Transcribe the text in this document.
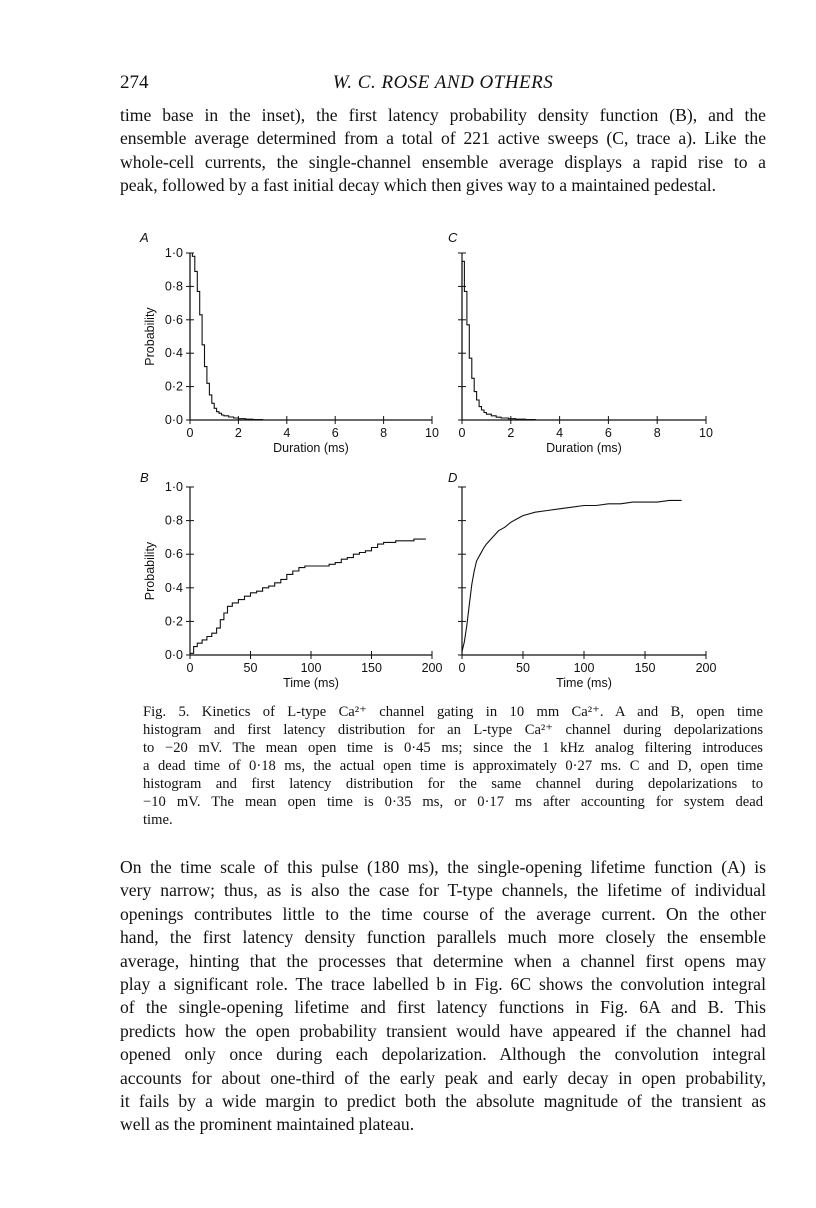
274	W. C. ROSE AND OTHERS
time base in the inset), the first latency probability density function (B), and the
ensemble average determined from a total of 221 active sweeps (C, trace a). Like the
whole-cell currents, the single-channel ensemble average displays a rapid rise to a
peak, followed by a fast initial decay which then gives way to a maintained pedestal.
A
0	2	4	6	8	10
0·0
0·2
0·4
0·6
0·8
1·0
Duration (ms)
Probability
C
0	2	4	6	8	10
Duration (ms)
B
0	50	100	150	200
0·0
0·2
0·4
0·6
0·8
1·0
Time (ms)
Probability
D
0	50	100	150	200
Time (ms)
Fig. 5. Kinetics of L-type Ca²⁺ channel gating in 10 mm Ca²⁺. A and B, open time
histogram and first latency distribution for an L-type Ca²⁺ channel during depolarizations
to −20 mV. The mean open time is 0·45 ms; since the 1 kHz analog filtering introduces
a dead time of 0·18 ms, the actual open time is approximately 0·27 ms. C and D, open time
histogram and first latency distribution for the same channel during depolarizations to
−10 mV. The mean open time is 0·35 ms, or 0·17 ms after accounting for system dead
time.
On the time scale of this pulse (180 ms), the single-opening lifetime function (A) is
very narrow; thus, as is also the case for T-type channels, the lifetime of individual
openings contributes little to the time course of the average current. On the other
hand, the first latency density function parallels much more closely the ensemble
average, hinting that the processes that determine when a channel first opens may
play a significant role. The trace labelled b in Fig. 6C shows the convolution integral
of the single-opening lifetime and first latency functions in Fig. 6A and B. This
predicts how the open probability transient would have appeared if the channel had
opened only once during each depolarization. Although the convolution integral
accounts for about one-third of the early peak and early decay in open probability,
it fails by a wide margin to predict both the absolute magnitude of the transient as
well as the prominent maintained plateau.
